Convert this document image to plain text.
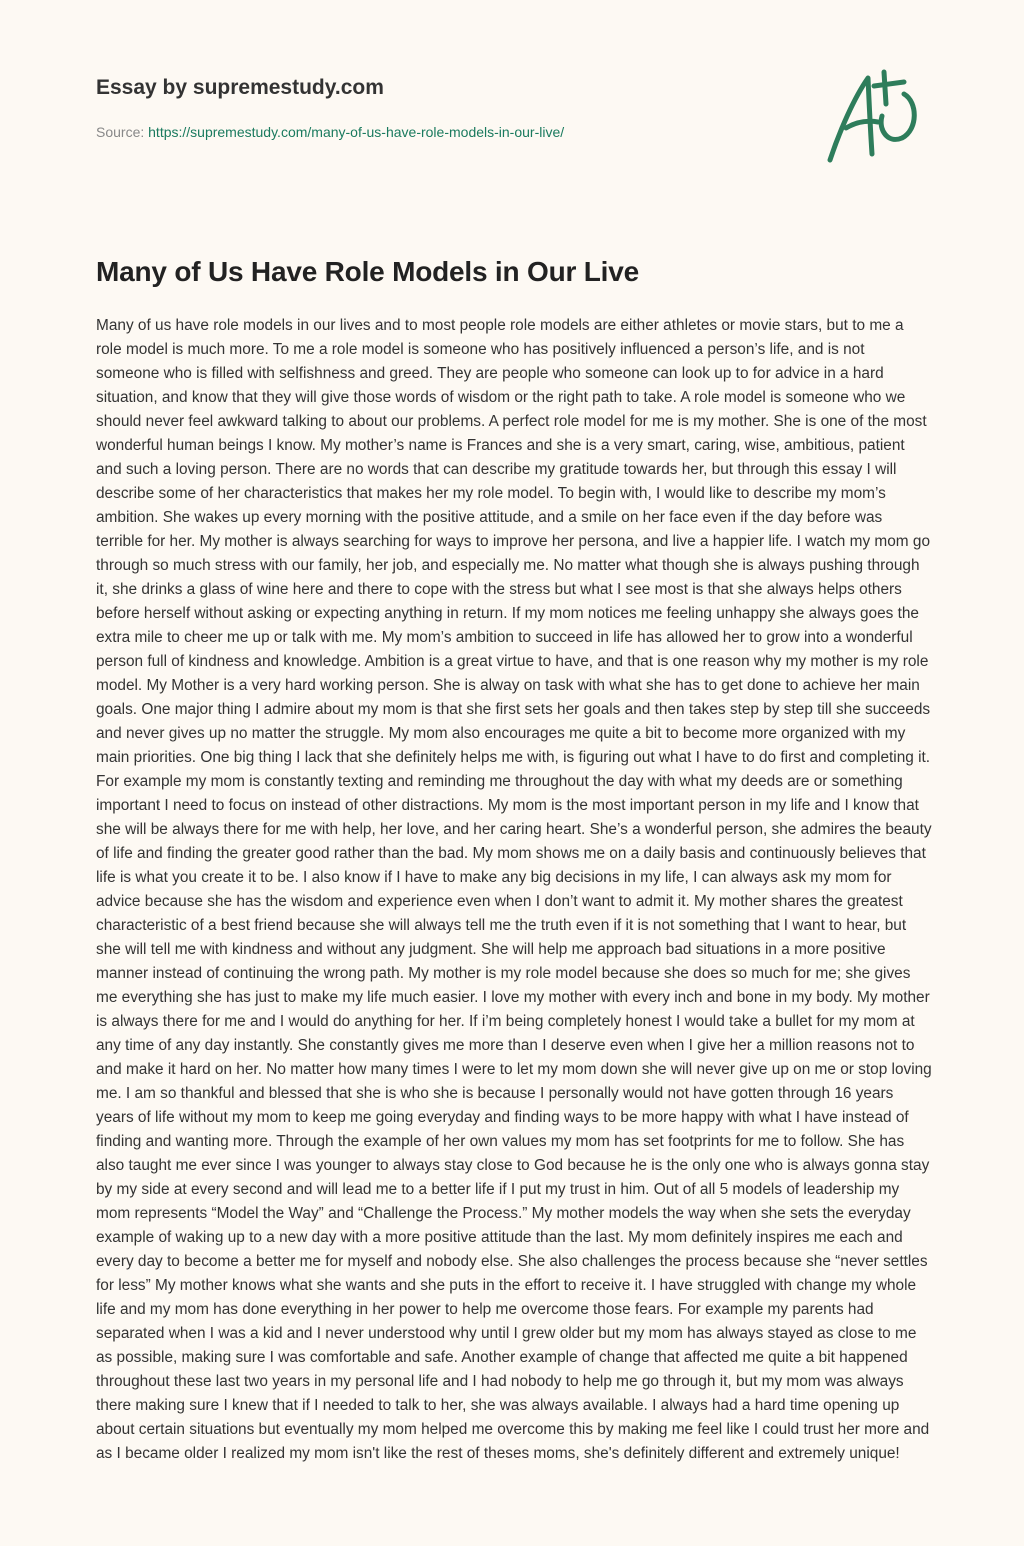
Essay by supremestudy.com
Source: https://supremestudy.com/many-of-us-have-role-models-in-our-live/
Many of Us Have Role Models in Our Live

Many of us have role models in our lives and to most people role models are either athletes or movie stars, but to me a role model is much more. To me a role model is someone who has positively influenced a person’s life, and is not someone who is filled with selfishness and greed. They are people who someone can look up to for advice in a hard situation, and know that they will give those words of wisdom or the right path to take. A role model is someone who we should never feel awkward talking to about our problems. A perfect role model for me is my mother. She is one of the most wonderful human beings I know. My mother’s name is Frances and she is a very smart, caring, wise, ambitious, patient and such a loving person. There are no words that can describe my gratitude towards her, but through this essay I will describe some of her characteristics that makes her my role model. To begin with, I would like to describe my mom’s ambition. She wakes up every morning with the positive attitude, and a smile on her face even if the day before was terrible for her. My mother is always searching for ways to improve her persona, and live a happier life. I watch my mom go through so much stress with our family, her job, and especially me. No matter what though she is always pushing through it, she drinks a glass of wine here and there to cope with the stress but what I see most is that she always helps others before herself without asking or expecting anything in return. If my mom notices me feeling unhappy she always goes the extra mile to cheer me up or talk with me. My mom’s ambition to succeed in life has allowed her to grow into a wonderful person full of kindness and knowledge. Ambition is a great virtue to have, and that is one reason why my mother is my role model. My Mother is a very hard working person. She is alway on task with what she has to get done to achieve her main goals. One major thing I admire about my mom is that she first sets her goals and then takes step by step till she succeeds and never gives up no matter the struggle. My mom also encourages me quite a bit to become more organized with my main priorities. One big thing I lack that she definitely helps me with, is figuring out what I have to do first and completing it. For example my mom is constantly texting and reminding me throughout the day with what my deeds are or something important I need to focus on instead of other distractions. My mom is the most important person in my life and I know that she will be always there for me with help, her love, and her caring heart. She’s a wonderful person, she admires the beauty of life and finding the greater good rather than the bad. My mom shows me on a daily basis and continuously believes that life is what you create it to be. I also know if I have to make any big decisions in my life, I can always ask my mom for advice because she has the wisdom and experience even when I don’t want to admit it. My mother shares the greatest characteristic of a best friend because she will always tell me the truth even if it is not something that I want to hear, but she will tell me with kindness and without any judgment. She will help me approach bad situations in a more positive manner instead of continuing the wrong path. My mother is my role model because she does so much for me; she gives me everything she has just to make my life much easier. I love my mother with every inch and bone in my body. My mother is always there for me and I would do anything for her. If i’m being completely honest I would take a bullet for my mom at any time of any day instantly. She constantly gives me more than I deserve even when I give her a million reasons not to and make it hard on her. No matter how many times I were to let my mom down she will never give up on me or stop loving me. I am so thankful and blessed that she is who she is because I personally would not have gotten through 16 years years of life without my mom to keep me going everyday and finding ways to be more happy with what I have instead of finding and wanting more. Through the example of her own values my mom has set footprints for me to follow. She has also taught me ever since I was younger to always stay close to God because he is the only one who is always gonna stay by my side at every second and will lead me to a better life if I put my trust in him. Out of all 5 models of leadership my mom represents “Model the Way” and “Challenge the Process.” My mother models the way when she sets the everyday example of waking up to a new day with a more positive attitude than the last. My mom definitely inspires me each and every day to become a better me for myself and nobody else. She also challenges the process because she “never settles for less” My mother knows what she wants and she puts in the effort to receive it. I have struggled with change my whole life and my mom has done everything in her power to help me overcome those fears. For example my parents had separated when I was a kid and I never understood why until I grew older but my mom has always stayed as close to me as possible, making sure I was comfortable and safe. Another example of change that affected me quite a bit happened throughout these last two years in my personal life and I had nobody to help me go through it, but my mom was always there making sure I knew that if I needed to talk to her, she was always available. I always had a hard time opening up about certain situations but eventually my mom helped me overcome this by making me feel like I could trust her more and as I became older I realized my mom isn't like the rest of theses moms, she's definitely different and extremely unique!
